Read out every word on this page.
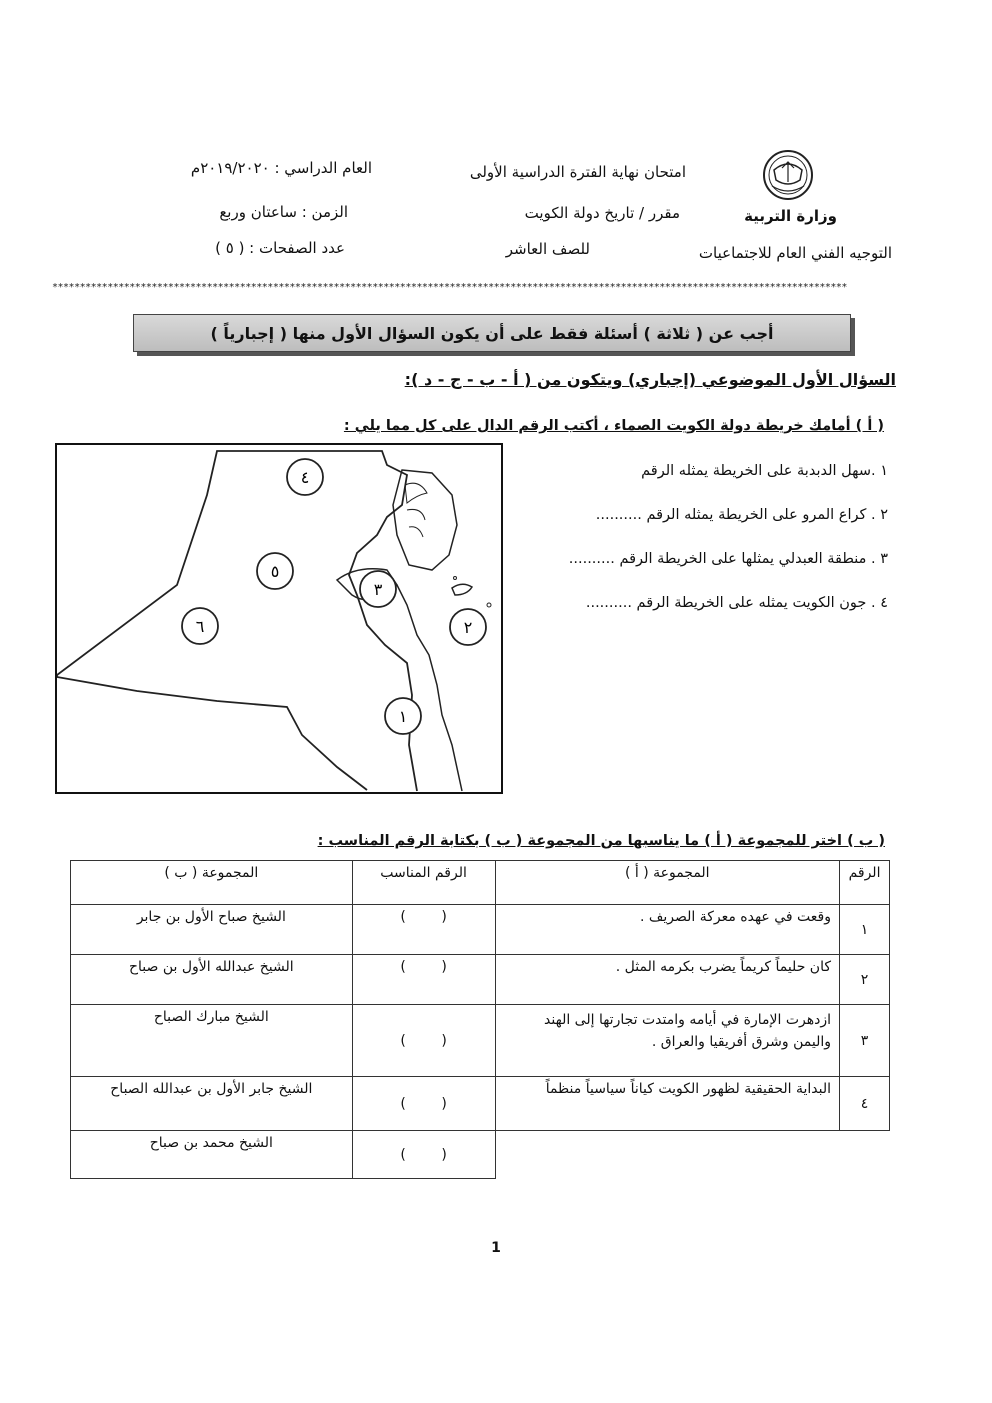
امتحان نهاية الفترة الدراسية الأولى
العام الدراسي : ٢٠١٩/٢٠٢٠م
وزارة التربية
مقرر / تاريخ دولة الكويت
الزمن : ساعتان وربع
التوجيه الفني العام للاجتماعيات
للصف العاشر
عدد الصفحات : ( ٥ )
************************************************************************************************************************************************
أجب عن ( ثلاثة ) أسئلة فقط على أن يكون السؤال الأول منها ( إجبارياً )
السؤال الأول الموضوعي (إجباري) ويتكون من ( أ - ب - ج - د ):
( أ ) أمامك خريطة دولة الكويت الصماء ، أكتب الرقم الدال على كل مما يلي :
٤
٥
٣
٦	٢
١
١ .سهل الدبدبة على الخريطة يمثله الرقم
٢ . كراع المرو على الخريطة يمثله الرقم ..........
٣ . منطقة العبدلي يمثلها على الخريطة الرقم ..........
٤ . جون الكويت يمثله على الخريطة الرقم ..........
( ب ) اختر للمجموعة ( أ ) ما يناسبها من المجموعة ( ب ) بكتابة الرقم المناسب :
الرقم	المجموعة ( أ )	الرقم المناسب	المجموعة ( ب )
١	وقعت في عهده معركة الصريف .	(        )	الشيخ صباح الأول بن جابر
٢	كان حليماً كريماً يضرب بكرمه المثل .	(        )	الشيخ عبدالله الأول بن صباح
٣	ازدهرت الإمارة في أيامه وامتدت تجارتها إلى الهند واليمن وشرق أفريقيا والعراق .	(        )	الشيخ مبارك الصباح
٤	البداية الحقيقية لظهور الكويت كياناً سياسياً منظماً	(        )	الشيخ جابر الأول بن عبدالله الصباح
		(        )	الشيخ محمد بن صباح
1
